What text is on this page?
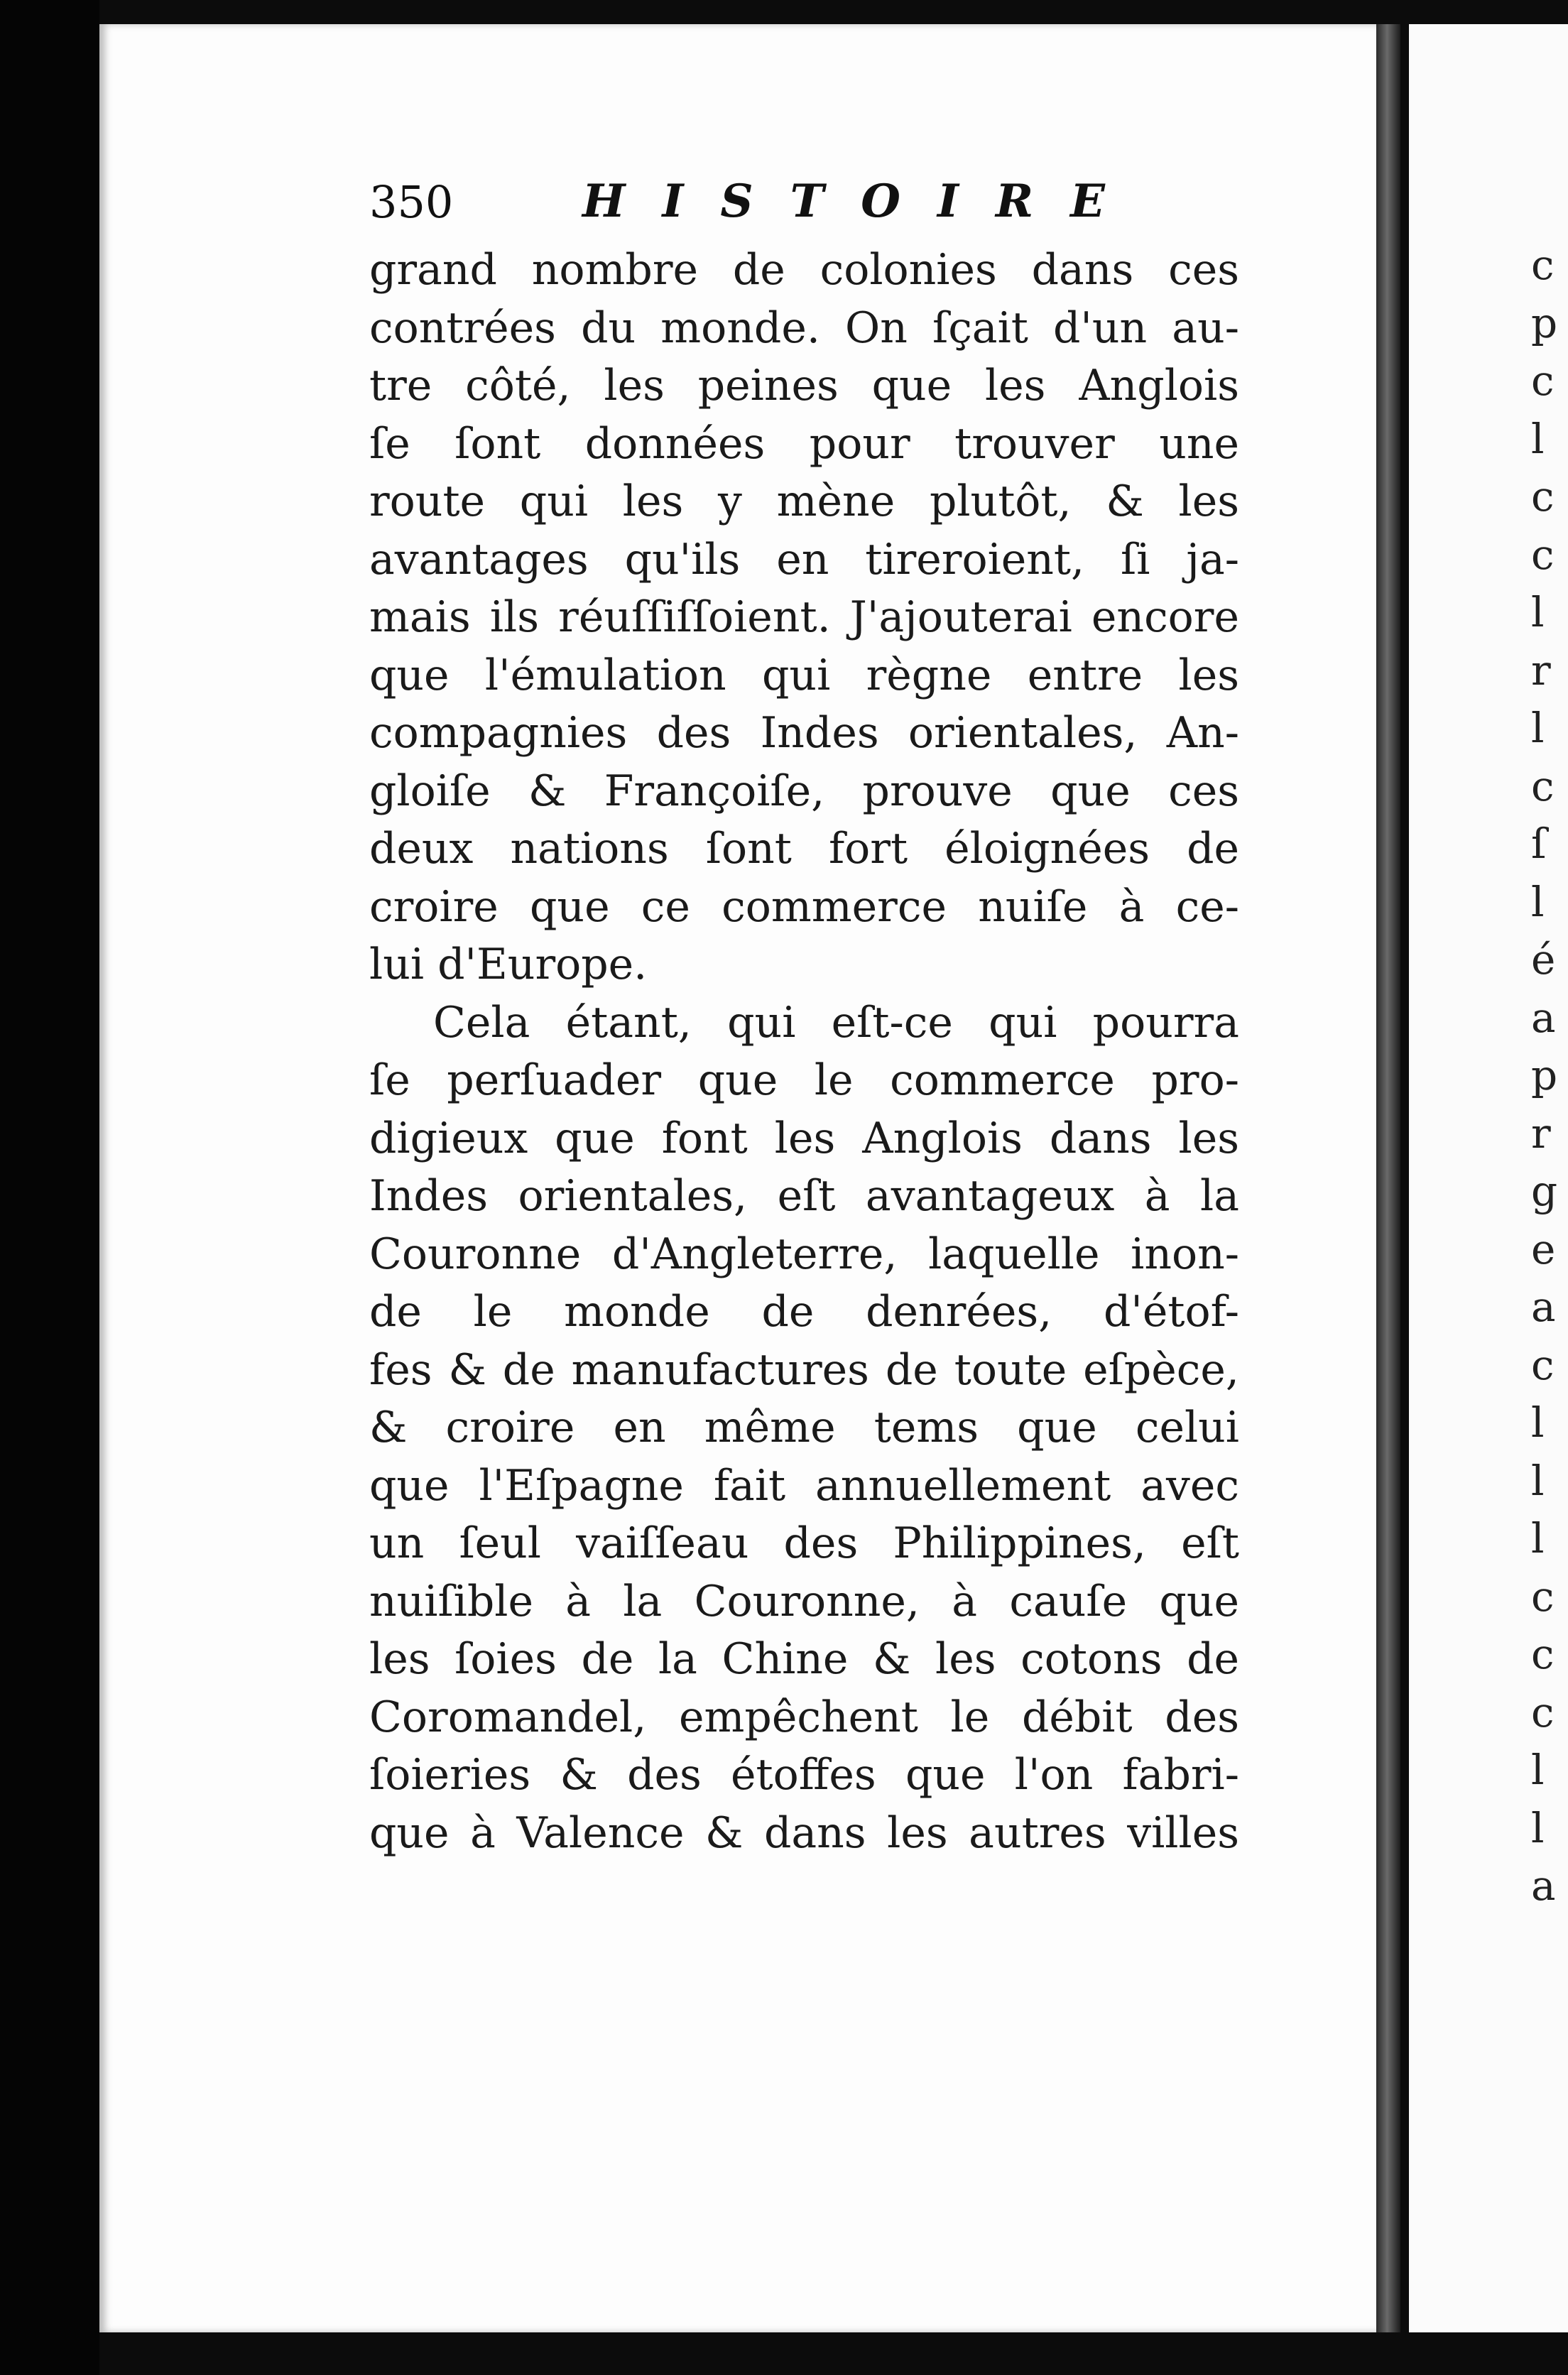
c
p
c
l
c
c
l
r
l
c
ſ
l
é
a
p
r
g
e
a
c
l
l
l
c
c
c
l
l
a
350	HISTOIRE
grand nombre de colonies dans ces
contrées du monde. On ſçait d'un au-
tre côté, les peines que les Anglois
ſe ſont données pour trouver une
route qui les y mène plutôt, & les
avantages qu'ils en tireroient, ſi ja-
mais ils réuſſiſſoient. J'ajouterai encore
que l'émulation qui règne entre les
compagnies des Indes orientales, An-
gloiſe & Françoiſe, prouve que ces
deux nations ſont fort éloignées de
croire que ce commerce nuiſe à ce-
lui d'Europe.
Cela étant, qui eſt-ce qui pourra
ſe perſuader que le commerce pro-
digieux que font les Anglois dans les
Indes orientales, eſt avantageux à la
Couronne d'Angleterre, laquelle inon-
de le monde de denrées, d'étof-
fes & de manufactures de toute eſpèce,
& croire en même tems que celui
que l'Eſpagne fait annuellement avec
un ſeul vaiſſeau des Philippines, eſt
nuiſible à la Couronne, à cauſe que
les ſoies de la Chine & les cotons de
Coromandel, empêchent le débit des
ſoieries & des étoffes que l'on fabri-
que à Valence & dans les autres villes
